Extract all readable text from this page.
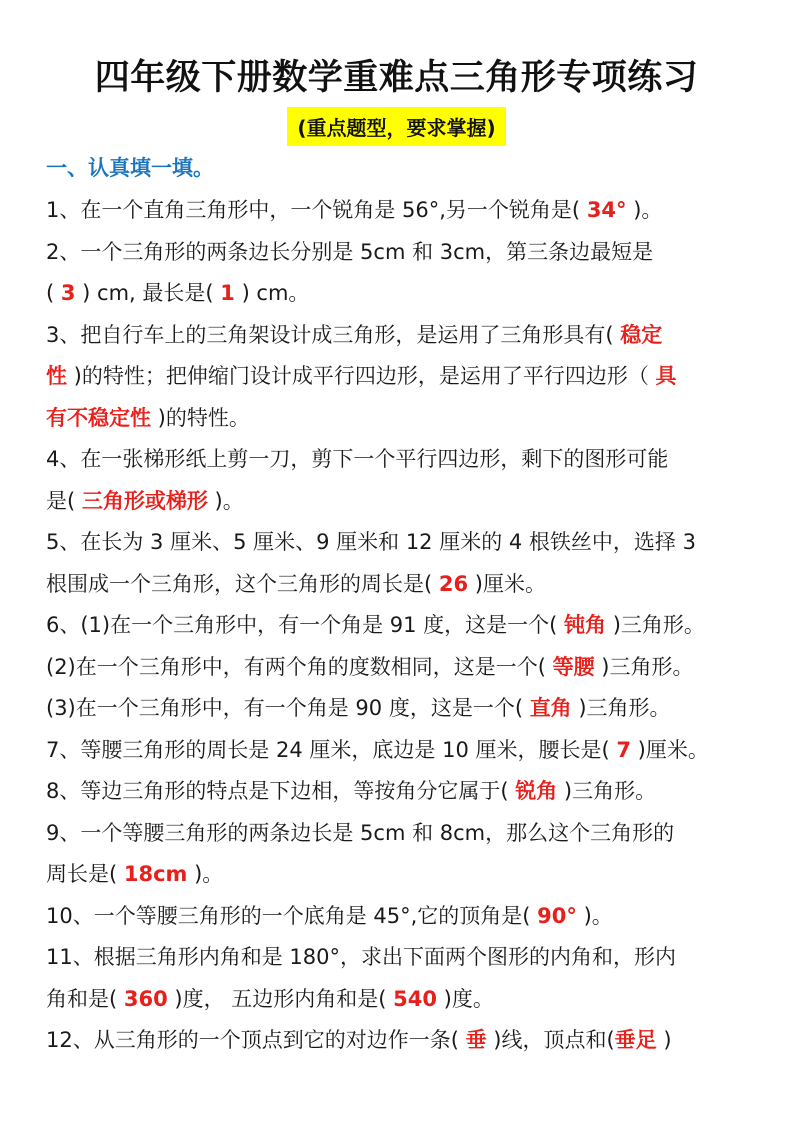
四年级下册数学重难点三角形专项练习
(重点题型，要求掌握)
一、认真填一填。

1、在一个直角三角形中，一个锐角是 56°,另一个锐角是( 34° )。

2、一个三角形的两条边长分别是 5cm 和 3cm，第三条边最短是

( 3 ) cm, 最长是( 1 ) cm。

3、把自行车上的三角架设计成三角形，是运用了三角形具有( 稳定

性 )的特性；把伸缩门设计成平行四边形，是运用了平行四边形（ 具

有不稳定性 )的特性。

4、在一张梯形纸上剪一刀，剪下一个平行四边形，剩下的图形可能

是( 三角形或梯形 )。

5、在长为 3 厘米、5 厘米、9 厘米和 12 厘米的 4 根铁丝中，选择 3

根围成一个三角形，这个三角形的周长是( 26 )厘米。

6、(1)在一个三角形中，有一个角是 91 度，这是一个( 钝角 )三角形。

(2)在一个三角形中，有两个角的度数相同，这是一个( 等腰 )三角形。

(3)在一个三角形中，有一个角是 90 度，这是一个( 直角 )三角形。

7、等腰三角形的周长是 24 厘米，底边是 10 厘米，腰长是( 7 )厘米。

8、等边三角形的特点是下边相，等按角分它属于( 锐角 )三角形。

9、一个等腰三角形的两条边长是 5cm 和 8cm，那么这个三角形的

周长是( 18cm )。

10、一个等腰三角形的一个底角是 45°,它的顶角是( 90° )。

11、根据三角形内角和是 180°，求出下面两个图形的内角和，形内

角和是( 360 )度， 五边形内角和是( 540 )度。

12、从三角形的一个顶点到它的对边作一条( 垂 )线，顶点和(垂足 )
